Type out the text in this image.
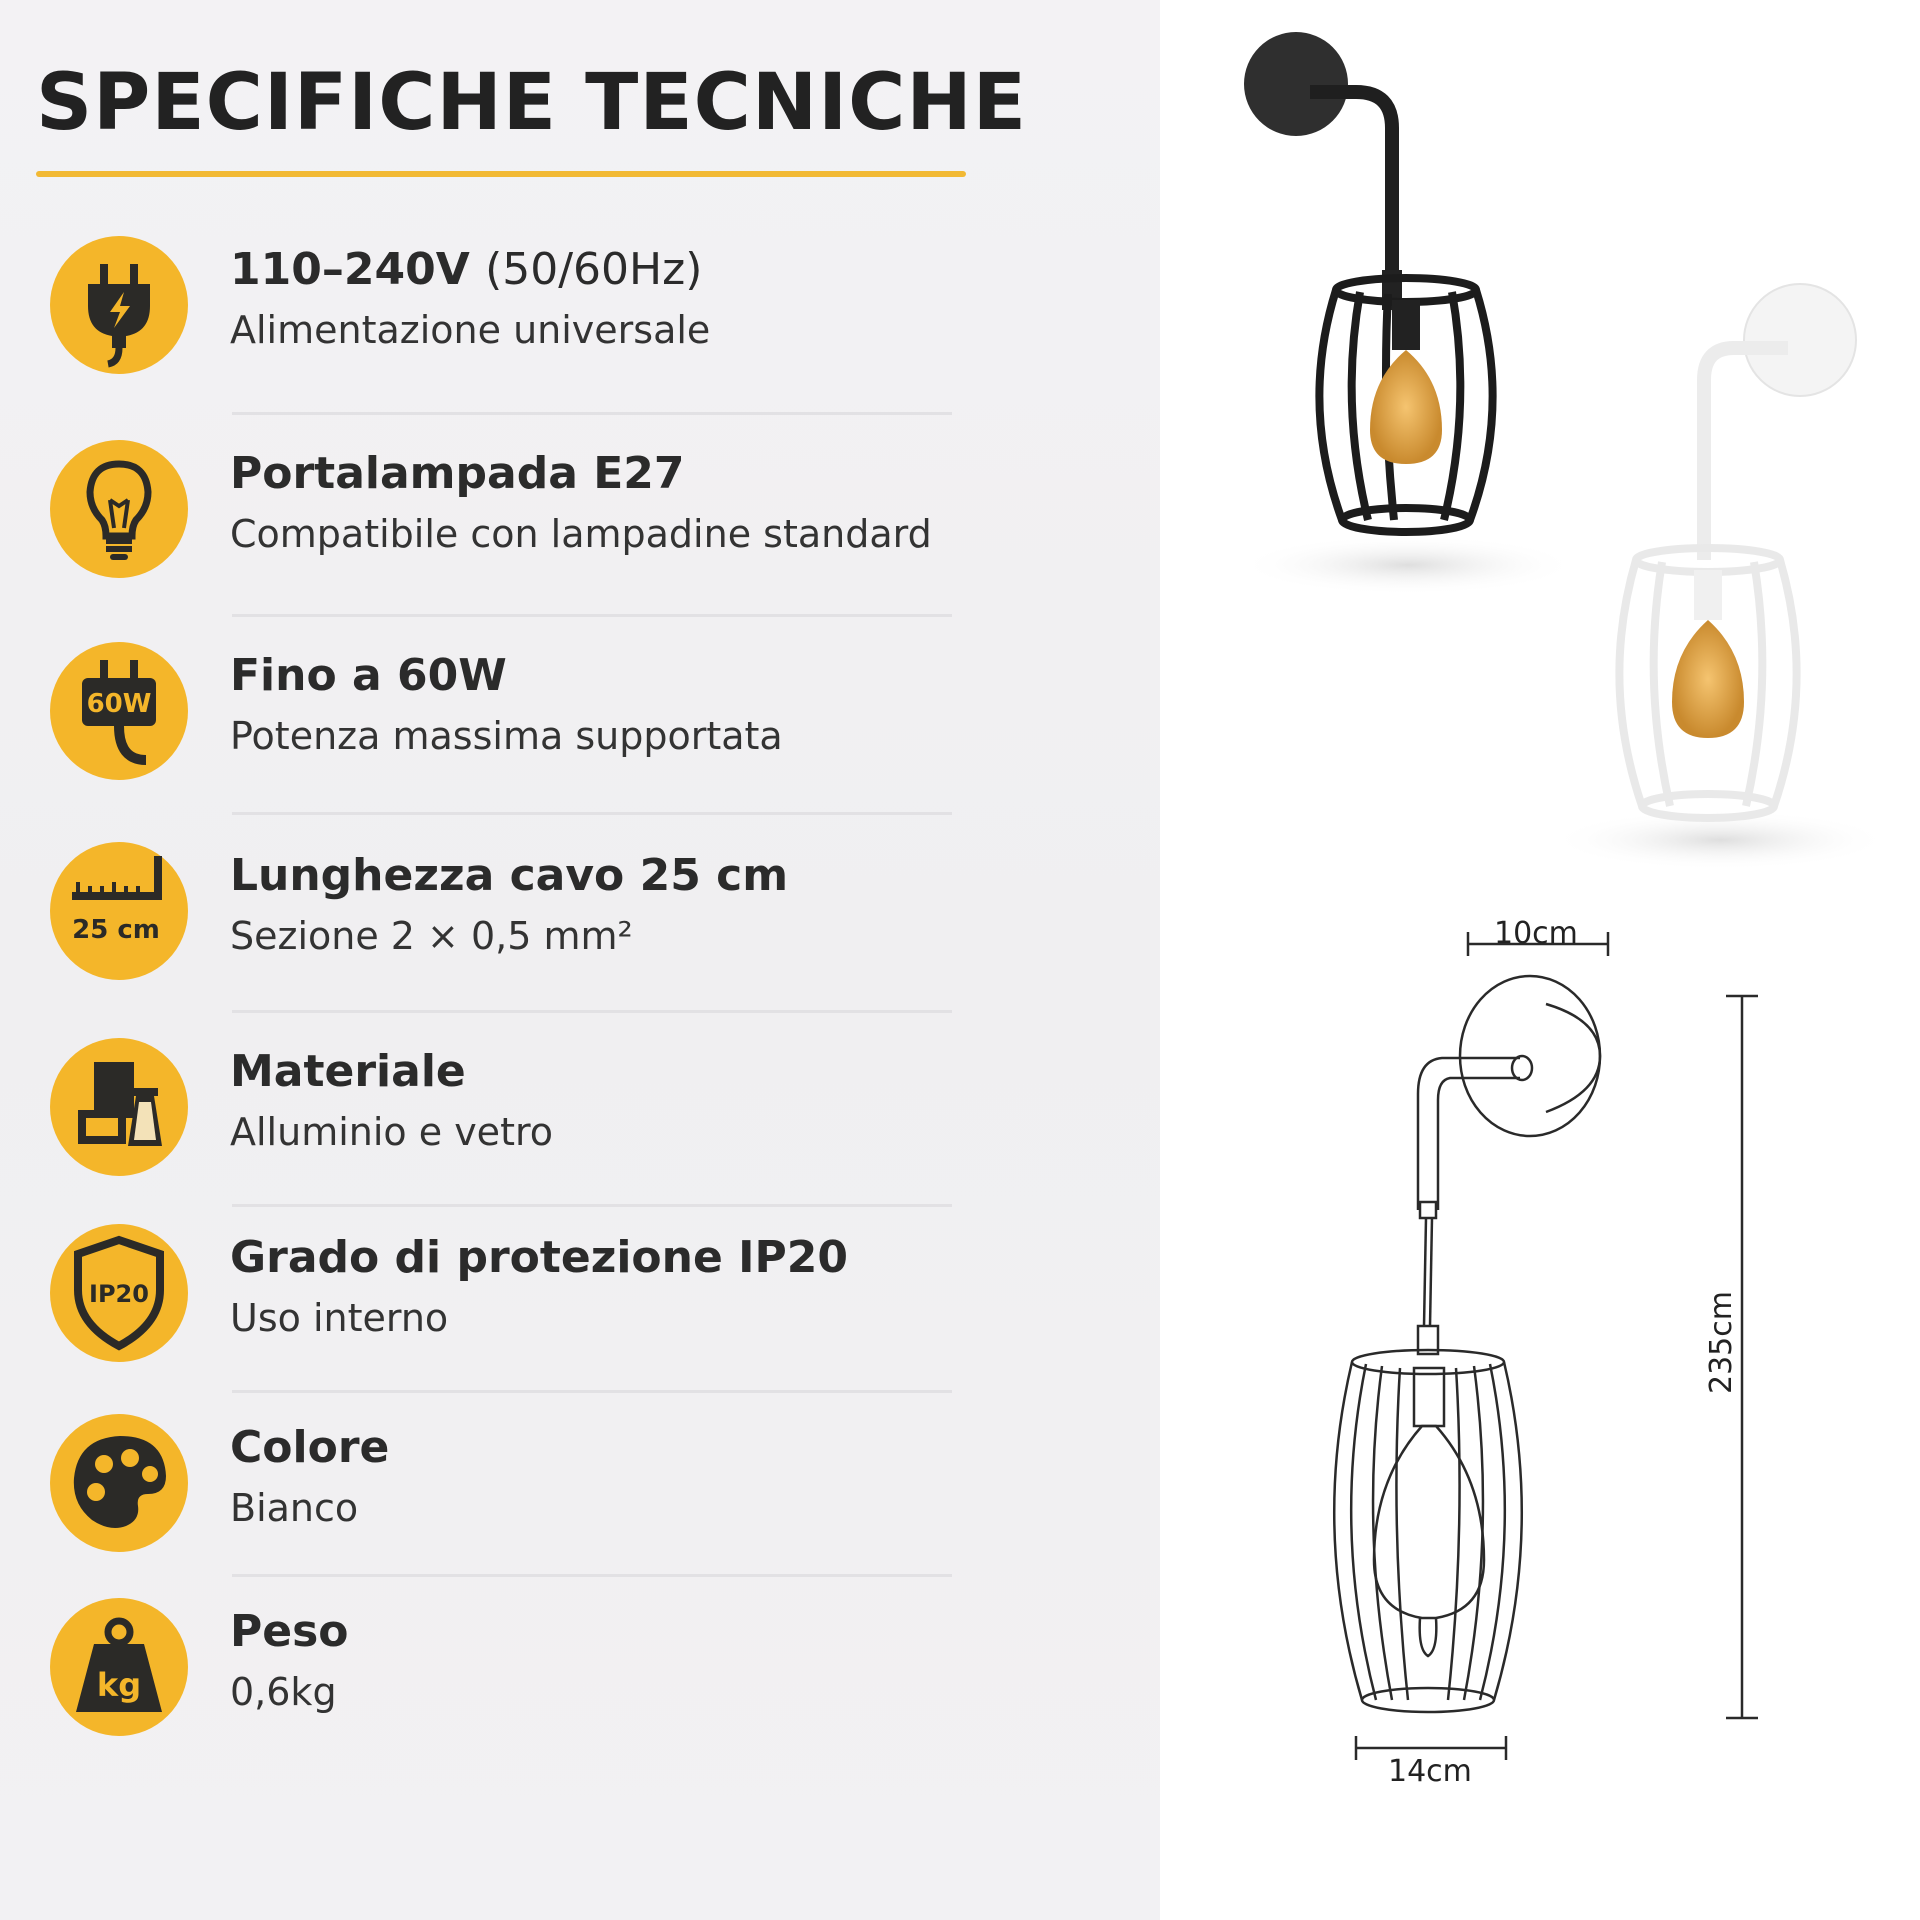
SPECIFICHE TECNICHE
110–240V (50/60Hz)
Alimentazione universale
Portalampada E27
Compatibile con lampadine standard
60W
Fino a 60W
Potenza massima supportata
25 cm
Lunghezza cavo 25 cm
Sezione 2 × 0,5 mm²
Materiale
Alluminio e vetro
IP20
Grado di protezione IP20
Uso interno
Colore
Bianco
kg
Peso
0,6kg
10cm
235cm
14cm
